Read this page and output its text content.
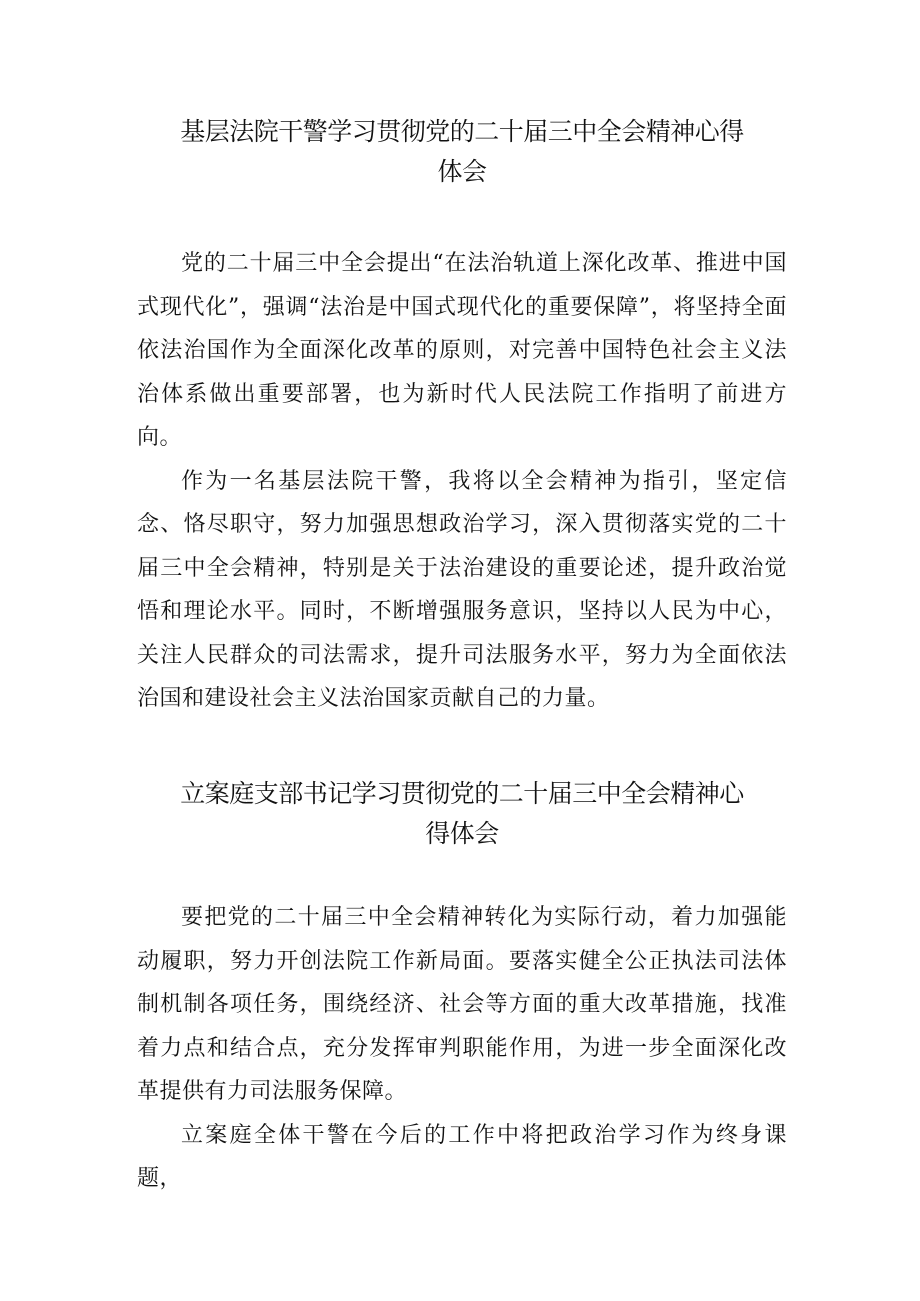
基层法院干警学习贯彻党的二十届三中全会精神心得
体会

党的二十届三中全会提出“在法治轨道上深化改革、推进中国式现代化”，强调“法治是中国式现代化的重要保障”，将坚持全面依法治国作为全面深化改革的原则，对完善中国特色社会主义法治体系做出重要部署，也为新时代人民法院工作指明了前进方向。

作为一名基层法院干警，我将以全会精神为指引，坚定信念、恪尽职守，努力加强思想政治学习，深入贯彻落实党的二十届三中全会精神，特别是关于法治建设的重要论述，提升政治觉悟和理论水平。同时，不断增强服务意识，坚持以人民为中心，关注人民群众的司法需求，提升司法服务水平，努力为全面依法治国和建设社会主义法治国家贡献自己的力量。

立案庭支部书记学习贯彻党的二十届三中全会精神心
得体会

要把党的二十届三中全会精神转化为实际行动，着力加强能动履职，努力开创法院工作新局面。要落实健全公正执法司法体制机制各项任务，围绕经济、社会等方面的重大改革措施，找准着力点和结合点，充分发挥审判职能作用，为进一步全面深化改革提供有力司法服务保障。

立案庭全体干警在今后的工作中将把政治学习作为终身课题，
